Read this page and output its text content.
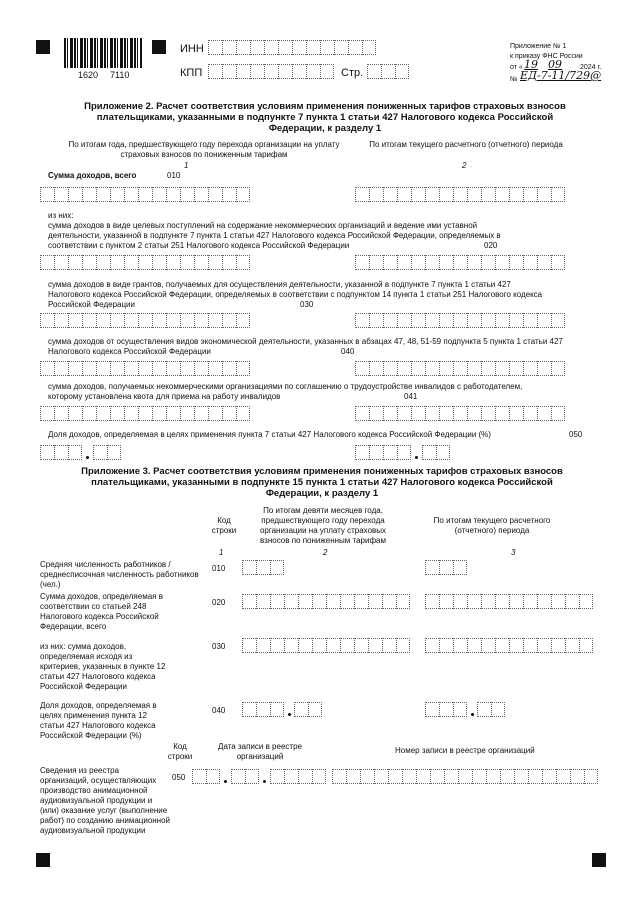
1620 7110
ИНН
КПП	Стр.
Приложение № 1
к приказу ФНС России
от « 19 09	2024 г.
№ ЕД-7-11/729@
Приложение 2. Расчет соответствия условиям применения пониженных тарифов страховых взносов плательщиками, указанными в подпункте 7 пункта 1 статьи 427 Налогового кодекса Российской Федерации, к разделу 1
По итогам года, предшествующего году перехода организации на уплату страховых взносов по пониженным тарифам
1
По итогам текущего расчетного (отчетного) периода
2
Сумма доходов, всего	010
из них:
сумма доходов в виде целевых поступлений на содержание некоммерческих организаций и ведение ими уставной деятельности, указанной в подпункте 7 пункта 1 статьи 427 Налогового кодекса Российской Федерации, определяемых в соответствии с пунктом 2 статьи 251 Налогового кодекса Российской Федерации	020
сумма доходов в виде грантов, получаемых для осуществления деятельности, указанной в подпункте 7 пункта 1 статьи 427 Налогового кодекса Российской Федерации, определяемых в соответствии с подпунктом 14 пункта 1 статьи 251 Налогового кодекса Российской Федерации	030
сумма доходов от осуществления видов экономической деятельности, указанных в абзацах 47, 48, 51-59 подпункта 5 пункта 1 статьи 427 Налогового кодекса Российской Федерации	040
сумма доходов, получаемых некоммерческими организациями по соглашению о трудоустройстве инвалидов с работодателем, которому установлена квота для приема на работу инвалидов	041
Доля доходов, определяемая в целях применения пункта 7 статьи 427 Налогового кодекса Российской Федерации (%)	050
Приложение 3. Расчет соответствия условиям применения пониженных тарифов страховых взносов плательщиками, указанными в подпункте 15 пункта 1 статьи 427 Налогового кодекса Российской Федерации, к разделу 1
Код строки
1
По итогам девяти месяцев года, предшествующего году перехода организации на уплату страховых взносов по пониженным тарифам
2
По итогам текущего расчетного (отчетного) периода
3
Средняя численность работников / среднесписочная численность работников (чел.)
010
Сумма доходов, определяемая в соответствии со статьей 248 Налогового кодекса Российской Федерации, всего
020
из них: сумма доходов, определяемая исходя из критериев, указанных в пункте 12 статьи 427 Налогового кодекса Российской Федерации
030
Доля доходов, определяемая в целях применения пункта 12 статьи 427 Налогового кодекса Российской Федерации (%)
040
Код строки
Дата записи в реестре организаций
Номер записи в реестре организаций
Сведения из реестра организаций, осуществляющих производство анимационной аудиовизуальной продукции и (или) оказание услуг (выполнение работ) по созданию анимационной аудиовизуальной продукции
050
